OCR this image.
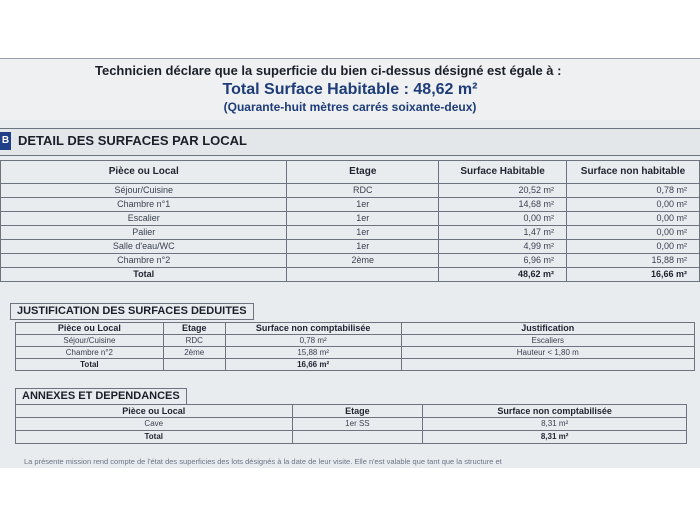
Technicien déclare que la superficie du bien ci-dessus désigné est égale à :
Total Surface Habitable : 48,62 m²
(Quarante-huit mètres carrés soixante-deux)
B DETAIL DES SURFACES PAR LOCAL
Pièce ou Local	Etage	Surface Habitable	Surface non habitable
Séjour/Cuisine	RDC	20,52 m²	0,78 m²
Chambre n°1	1er	14,68 m²	0,00 m²
Escalier	1er	0,00 m²	0,00 m²
Palier	1er	1,47 m²	0,00 m²
Salle d'eau/WC	1er	4,99 m²	0,00 m²
Chambre n°2	2ème	6,96 m²	15,88 m²
Total		48,62 m²	16,66 m²
JUSTIFICATION DES SURFACES DEDUITES
Pièce ou Local	Etage	Surface non comptabilisée	Justification
Séjour/Cuisine	RDC	0,78 m²	Escaliers
Chambre n°2	2ème	15,88 m²	Hauteur < 1,80 m
Total		16,66 m²	
ANNEXES ET DEPENDANCES
Pièce ou Local	Etage	Surface non comptabilisée
Cave	1er SS	8,31 m²
Total		8,31 m²
La présente mission rend compte de l'état des superficies des lots désignés à la date de leur visite. Elle n'est valable que tant que la structure et
